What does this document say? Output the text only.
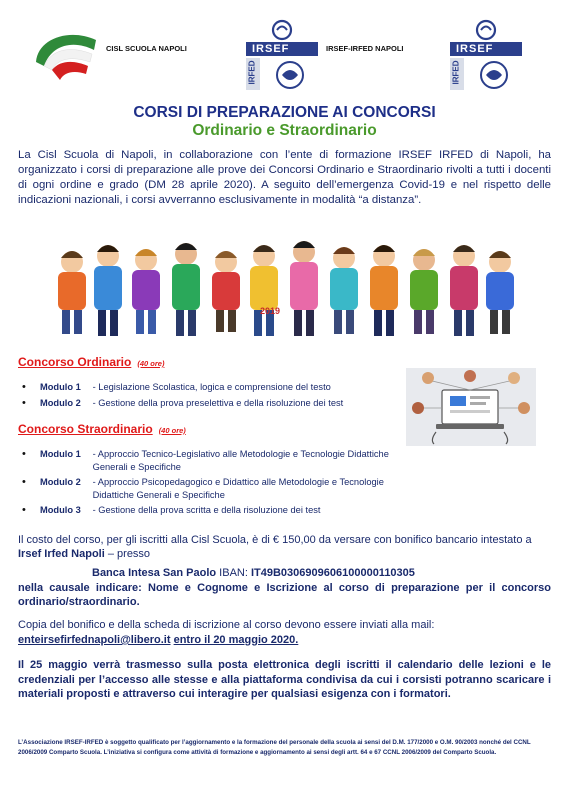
CISL SCUOLA NAPOLI	IRSEF
IRFED
IRSEF-IRFED NAPOLI	IRSEF
IRFED
CORSI DI PREPARAZIONE AI CONCORSI
Ordinario e Straordinario
La Cisl Scuola di Napoli, in collaborazione con l’ente di formazione IRSEF IRFED di Napoli, ha organizzato i corsi di preparazione alle prove dei Concorsi Ordinario e Straordinario rivolti a tutti i docenti di ogni ordine e grado (DM 28 aprile 2020). A seguito dell’emergenza Covid-19 e nel rispetto delle indicazioni nazionali, i corsi avverranno esclusivamente in modalità “a distanza”.
2019
Concorso Ordinario (40 ore)
• Modulo 1 - Legislazione Scolastica, logica e comprensione del testo
• Modulo 2 - Gestione della prova preselettiva e della risoluzione dei test
Concorso Straordinario (40 ore)
• Modulo 1 - Approccio Tecnico-Legislativo alle Metodologie e Tecnologie Didattiche Generali e Specifiche
• Modulo 2 - Approccio Psicopedagogico e Didattico alle Metodologie e Tecnologie Didattiche Generali e Specifiche
• Modulo 3 - Gestione della prova scritta e della risoluzione dei test
Il costo del corso, per gli iscritti alla Cisl Scuola, è di € 150,00 da versare con bonifico bancario intestato a Irsef Irfed Napoli – presso
Banca Intesa San Paolo IBAN: IT49B0306909606100000110305
nella causale indicare: Nome e Cognome e Iscrizione al corso di preparazione per il concorso ordinario/straordinario.
Copia del bonifico e della scheda di iscrizione al corso devono essere inviati alla mail:
enteirsefirfednapoli@libero.it entro il 20 maggio 2020.
Il 25 maggio verrà trasmesso sulla posta elettronica degli iscritti il calendario delle lezioni e le credenziali per l’accesso alle stesse e alla piattaforma condivisa da cui i corsisti potranno scaricare i materiali proposti e attraverso cui interagire per qualsiasi esigenza con i formatori.
L’Associazione IRSEF-IRFED è soggetto qualificato per l’aggiornamento e la formazione del personale della scuola ai sensi del D.M. 177/2000 e O.M. 90/2003 nonché del CCNL 2006/2009 Comparto Scuola. L’iniziativa si configura come attività di formazione e aggiornamento ai sensi degli artt. 64 e 67 CCNL 2006/2009 del Comparto Scuola.
